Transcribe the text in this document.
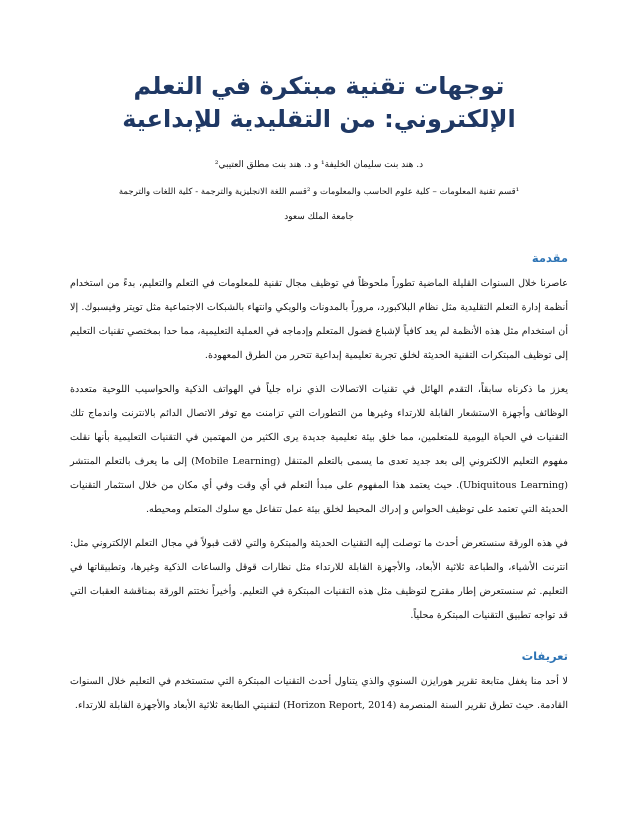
توجهات تقنية مبتكرة في التعلم الإلكتروني: من التقليدية للإبداعية
د. هند بنت سليمان الخليفة¹ و د. هند بنت مطلق العتيبي²
¹قسم تقنية المعلومات – كلية علوم الحاسب والمعلومات و ²قسم اللغة الانجليزية والترجمة - كلية اللغات والترجمة
جامعة الملك سعود
مقدمة

عاصرنا خلال السنوات القليلة الماضية تطوراً ملحوظاً في توظيف مجال تقنية للمعلومات في التعلم والتعليم، بدءً من استخدام أنظمة إدارة التعلم التقليدية مثل نظام البلاكبورد، مروراً بالمدونات والويكي وانتهاء بالشبكات الاجتماعية مثل تويتر وفيسبوك. إلا أن استخدام مثل هذه الأنظمة لم يعد كافياً لإشباع فضول المتعلم وإدماجه في العملية التعليمية، مما حدا بمختصي تقنيات التعليم إلى توظيف المبتكرات التقنية الحديثة لخلق تجربة تعليمية إبداعية تتحرر من الطرق المعهودة.

يعزز ما ذكرناه سابقاً، التقدم الهائل في تقنيات الاتصالات الذي نراه جلياً في الهواتف الذكية والحواسيب اللوحية متعددة الوظائف وأجهزة الاستشعار القابلة للارتداء وغيرها من التطورات التي تزامنت مع توفر الاتصال الدائم بالانترنت واندماج تلك التقنيات في الحياة اليومية للمتعلمين، مما خلق بيئة تعليمية جديدة يرى الكثير من المهتمين في التقنيات التعليمية بأنها نقلت مفهوم التعليم الالكتروني إلى بعد جديد تعدى ما يسمى بالتعلم المتنقل (Mobile Learning) إلى ما يعرف بالتعلم المنتشر (Ubiquitous Learning). حيث يعتمد هذا المفهوم على مبدأ التعلم في أي وقت وفي أي مكان من خلال استثمار التقنيات الحديثة التي تعتمد على توظيف الحواس و إدراك المحيط لخلق بيئة عمل تتفاعل مع سلوك المتعلم ومحيطه.

في هذه الورقة سنستعرض أحدث ما توصلت إليه التقنيات الحديثة والمبتكرة والتي لاقت قبولاً في مجال التعلم الإلكتروني مثل: انترنت الأشياء، والطباعة ثلاثية الأبعاد، والأجهزة القابلة للارتداء مثل نظارات قوقل والساعات الذكية وغيرها، وتطبيقاتها في التعليم. ثم سنستعرض إطار مقترح لتوظيف مثل هذه التقنيات المبتكرة في التعليم. وأخيراً نختتم الورقة بمناقشة العقبات التي قد تواجه تطبيق التقنيات المبتكرة محلياً.

تعريفات

لا أحد منا يغفل متابعة تقرير هورايزن السنوي والذي يتناول أحدث التقنيات المبتكرة التي ستستخدم في التعليم خلال السنوات القادمة. حيث تطرق تقرير السنة المنصرمة (Horizon Report, 2014) لتقنيتي الطابعة ثلاثية الأبعاد والأجهزة القابلة للارتداء.
